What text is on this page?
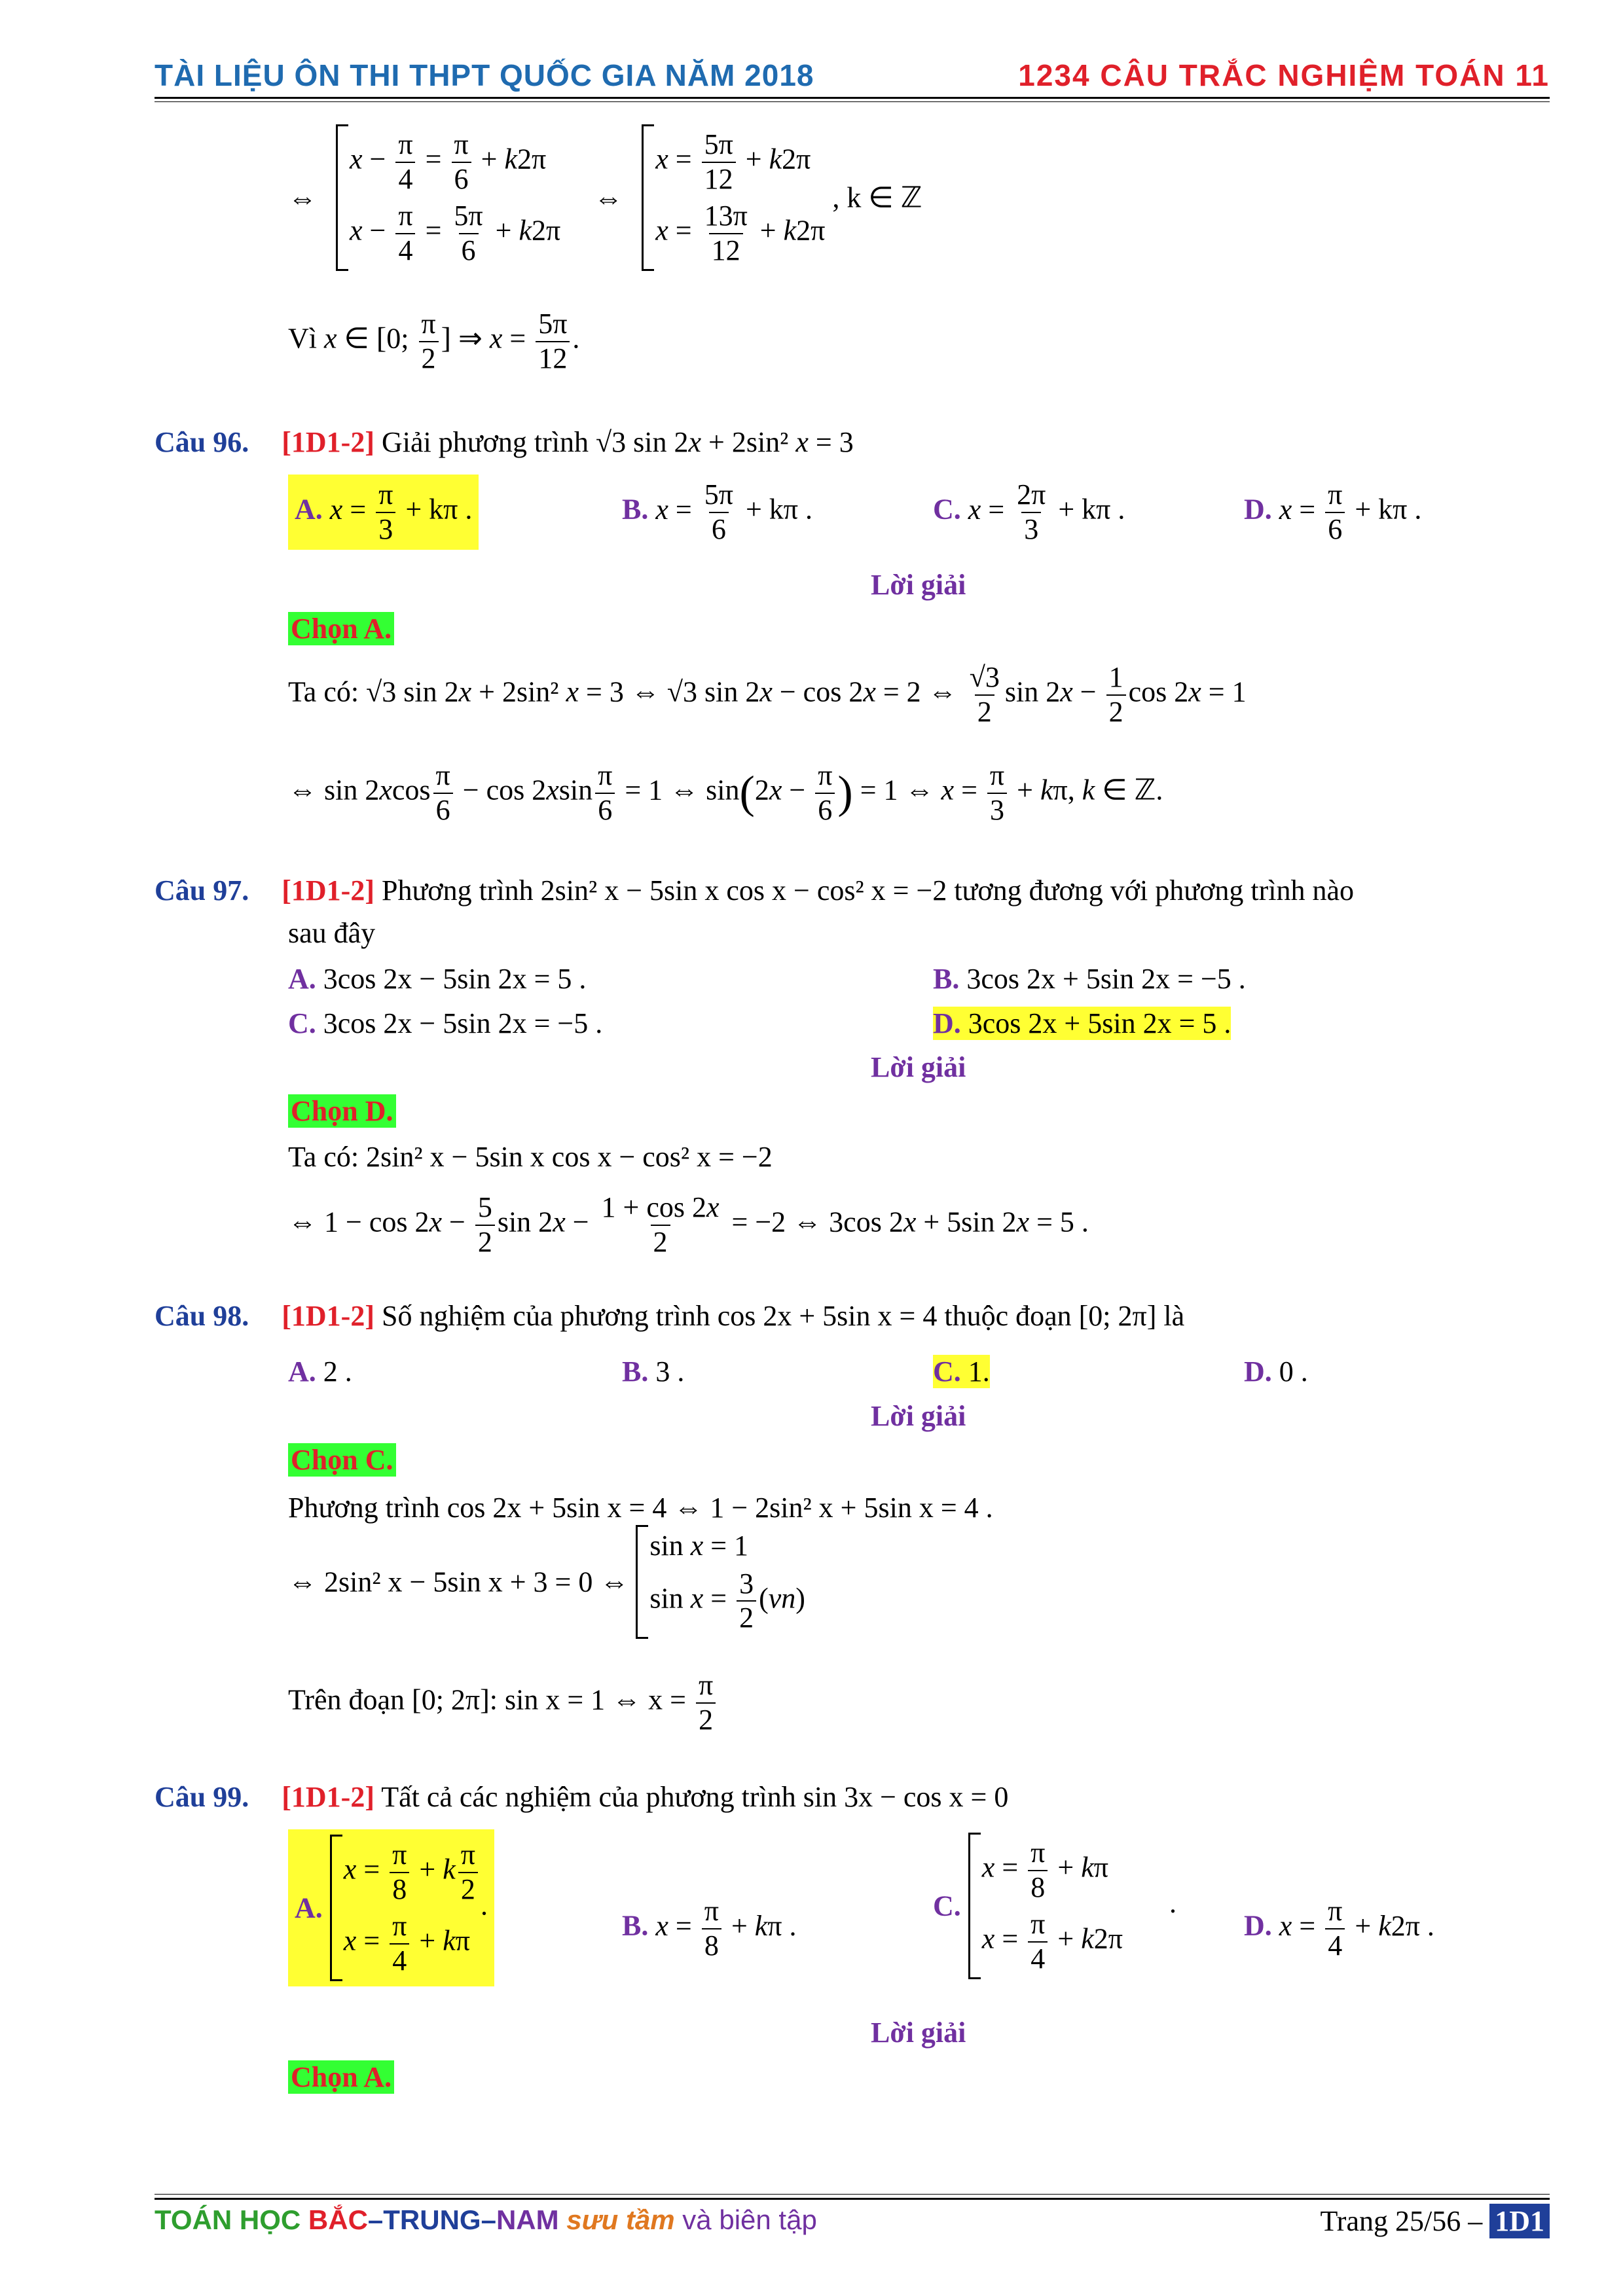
TÀI LIỆU ÔN THI THPT QUỐC GIA NĂM 2018	1234 CÂU TRẮC NGHIỆM TOÁN 11
⇔
$x - \frac{\pi}{4} = \frac{\pi}{6} + k2\pi$
$x - \frac{\pi}{4} = \frac{5\pi}{6} + k2\pi$
⇔
$x = \frac{5\pi}{12} + k2\pi$
$x = \frac{13\pi}{12} + k2\pi$
, k ∈ ℤ
Vì x ∈ [0; $\frac{\pi}{2}$ ] ⇒ $x = \frac{5\pi}{12}$ .
Câu 96. [1D1-2] Giải phương trình √3 sin 2x + 2sin² x = 3
A. $x = \frac{\pi}{3} + k\pi$ .	B. $x = \frac{5\pi}{6} + k\pi$ .	C. $x = \frac{2\pi}{3} + k\pi$ .	D. $x = \frac{\pi}{6} + k\pi$ .
Lời giải
Chọn A.
Ta có: √3 sin 2x + 2sin² x = 3 ⇔ √3 sin 2x − cos 2x = 2 ⇔ $\frac{√3}{2}$ $\sin 2x - \frac{1}{2}$ cos 2x = 1
⇔ $\sin 2xcos \frac{\pi}{6} - \cos 2xsin \frac{\pi}{6} = 1$ ⇔ $\sin(2x - \frac{\pi}{6}$ ) = 1 ⇔ $x = \frac{\pi}{3} + k\pi$, k ∈ ℤ.
Câu 97. [1D1-2] Phương trình 2sin² x − 5sin x cos x − cos² x = −2 tương đương với phương trình nào
sau đây
A. 3cos 2x − 5sin 2x = 5 .	B. 3cos 2x + 5sin 2x = −5 .
C. 3cos 2x − 5sin 2x = −5 .	D. 3cos 2x + 5sin 2x = 5 .
Lời giải
Chọn D.
Ta có: 2sin² x − 5sin x cos x − cos² x = −2
⇔ $1 - \cos 2x - \frac{5}{2}$ $\sin 2x - \frac{1 + \cos 2x}{2} = -2$ ⇔ 3cos 2x + 5sin 2x = 5 .
Câu 98. [1D1-2] Số nghiệm của phương trình cos 2x + 5sin x = 4 thuộc đoạn [0; 2π] là
A. 2 .	B. 3 .	C. 1.	D. 0 .
Lời giải
Chọn C.
Phương trình cos 2x + 5sin x = 4 ⇔ 1 − 2sin² x + 5sin x = 4 .
⇔ 2sin² x − 5sin x + 3 = 0 ⇔
sin x = 1
$\sin x = \frac{3}{2} (vn)$
Trên đoạn [0; 2π]: sin x = 1 ⇔ $x = \frac{\pi}{2}$
Câu 99. [1D1-2] Tất cả các nghiệm của phương trình sin 3x − cos x = 0
A.
$x = \frac{\pi}{8} + k \frac{\pi}{2}$
$x = \frac{\pi}{4} + k\pi$
.
B. $x = \frac{\pi}{8} + k\pi$ .
C.
$x = \frac{\pi}{8} + k\pi$
$x = \frac{\pi}{4} + k2\pi$
.
D. $x = \frac{\pi}{4} + k2\pi$ .
Lời giải
Chọn A.
TOÁN HỌC BẮC–TRUNG–NAM sưu tầm và biên tập	Trang 25/56 – 1D1
